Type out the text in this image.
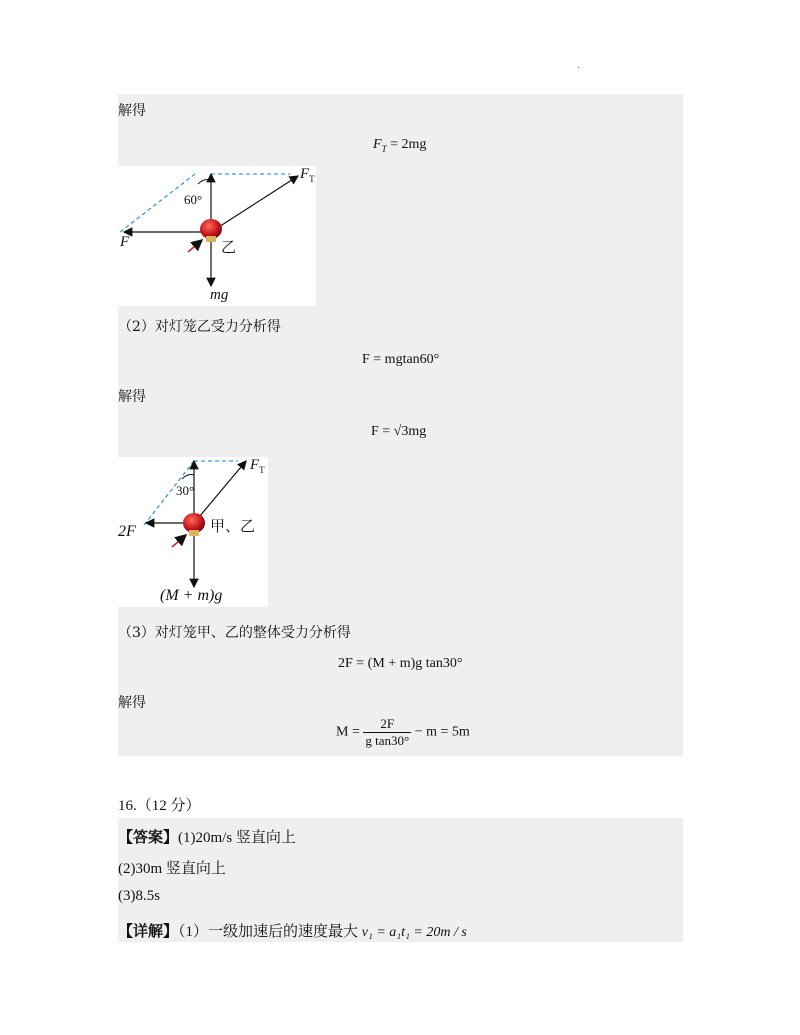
.
解得
$F_T = 2mg$
$F_T$
60°
F	乙
mg
（2）对灯笼乙受力分析得
F = mgtan60°
解得
F = √3mg
$F_T$
30°
2F	甲、乙
(M + m)g
（3）对灯笼甲、乙的整体受力分析得
2F = (M + m)g tan30°
解得
$M = \frac{2F}{\text{g tan30°}} - m = 5m$
16.（12 分）
【答案】(1)20m/s 竖直向上
(2)30m 竖直向上
(3)8.5s
【详解】（1）一级加速后的速度最大 v₁ = a₁t₁ = 20m / s
